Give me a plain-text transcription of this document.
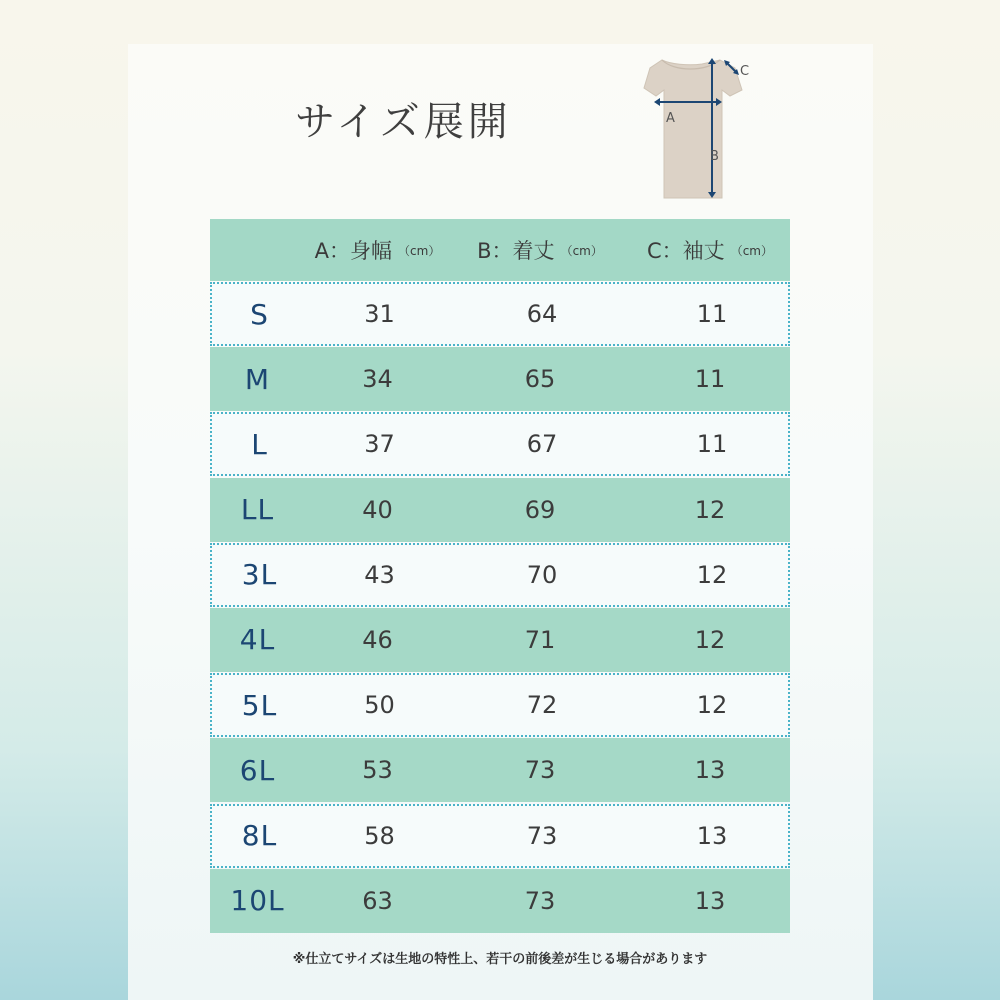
サイズ展開	A
B
C
A：身幅 （cm） B：着丈 （cm） C：袖丈 （cm）
S	31	64	11
M	34	65	11
L	37	67	11
LL	40	69	12
3L	43	70	12
4L	46	71	12
5L	50	72	12
6L	53	73	13
8L	58	73	13
10L	63	73	13
※仕立てサイズは生地の特性上、若干の前後差が生じる場合があります
